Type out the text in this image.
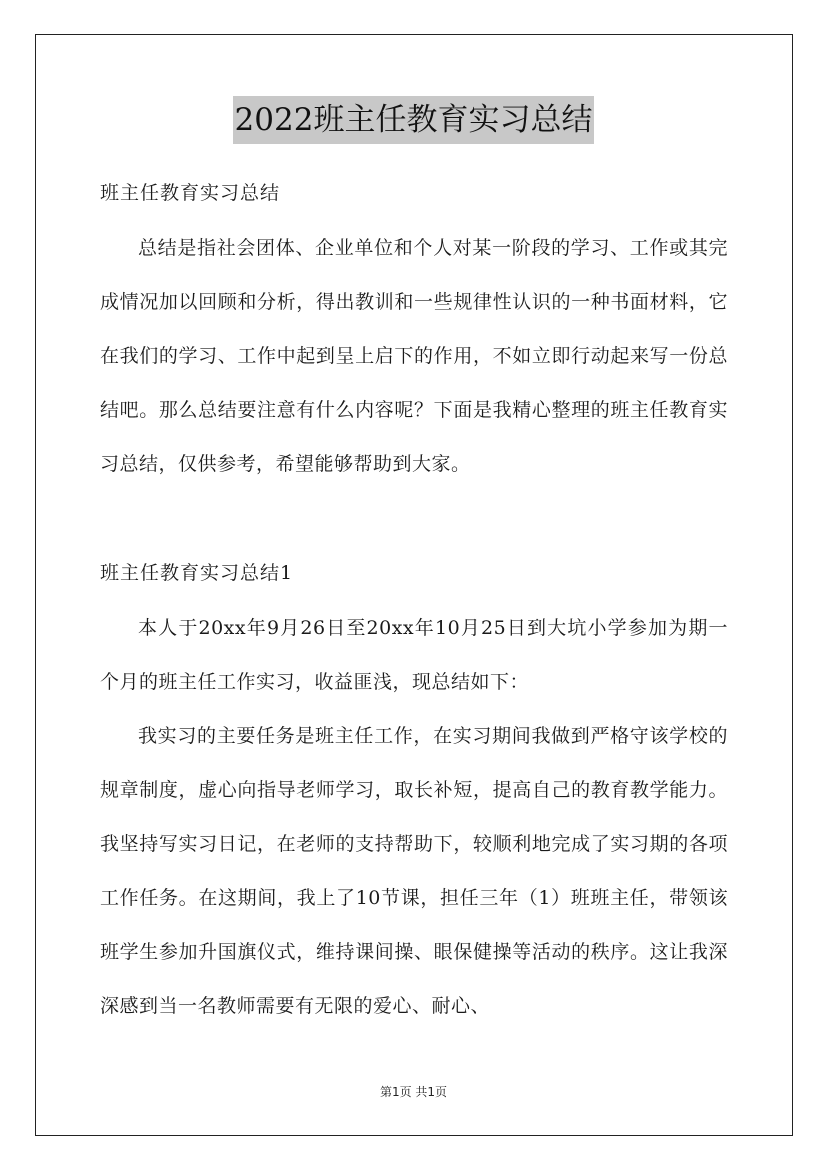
2022班主任教育实习总结

班主任教育实习总结

总结是指社会团体、企业单位和个人对某一阶段的学习、工作或其完成情况加以回顾和分析，得出教训和一些规律性认识的一种书面材料，它在我们的学习、工作中起到呈上启下的作用，不如立即行动起来写一份总结吧。那么总结要注意有什么内容呢？下面是我精心整理的班主任教育实习总结，仅供参考，希望能够帮助到大家。

班主任教育实习总结1

本人于20xx年9月26日至20xx年10月25日到大坑小学参加为期一个月的班主任工作实习，收益匪浅，现总结如下：

我实习的主要任务是班主任工作，在实习期间我做到严格守该学校的规章制度，虚心向指导老师学习，取长补短，提高自己的教育教学能力。我坚持写实习日记，在老师的支持帮助下，较顺利地完成了实习期的各项工作任务。在这期间，我上了10节课，担任三年（1）班班主任，带领该班学生参加升国旗仪式，维持课间操、眼保健操等活动的秩序。这让我深深感到当一名教师需要有无限的爱心、耐心、

第1页 共1页
